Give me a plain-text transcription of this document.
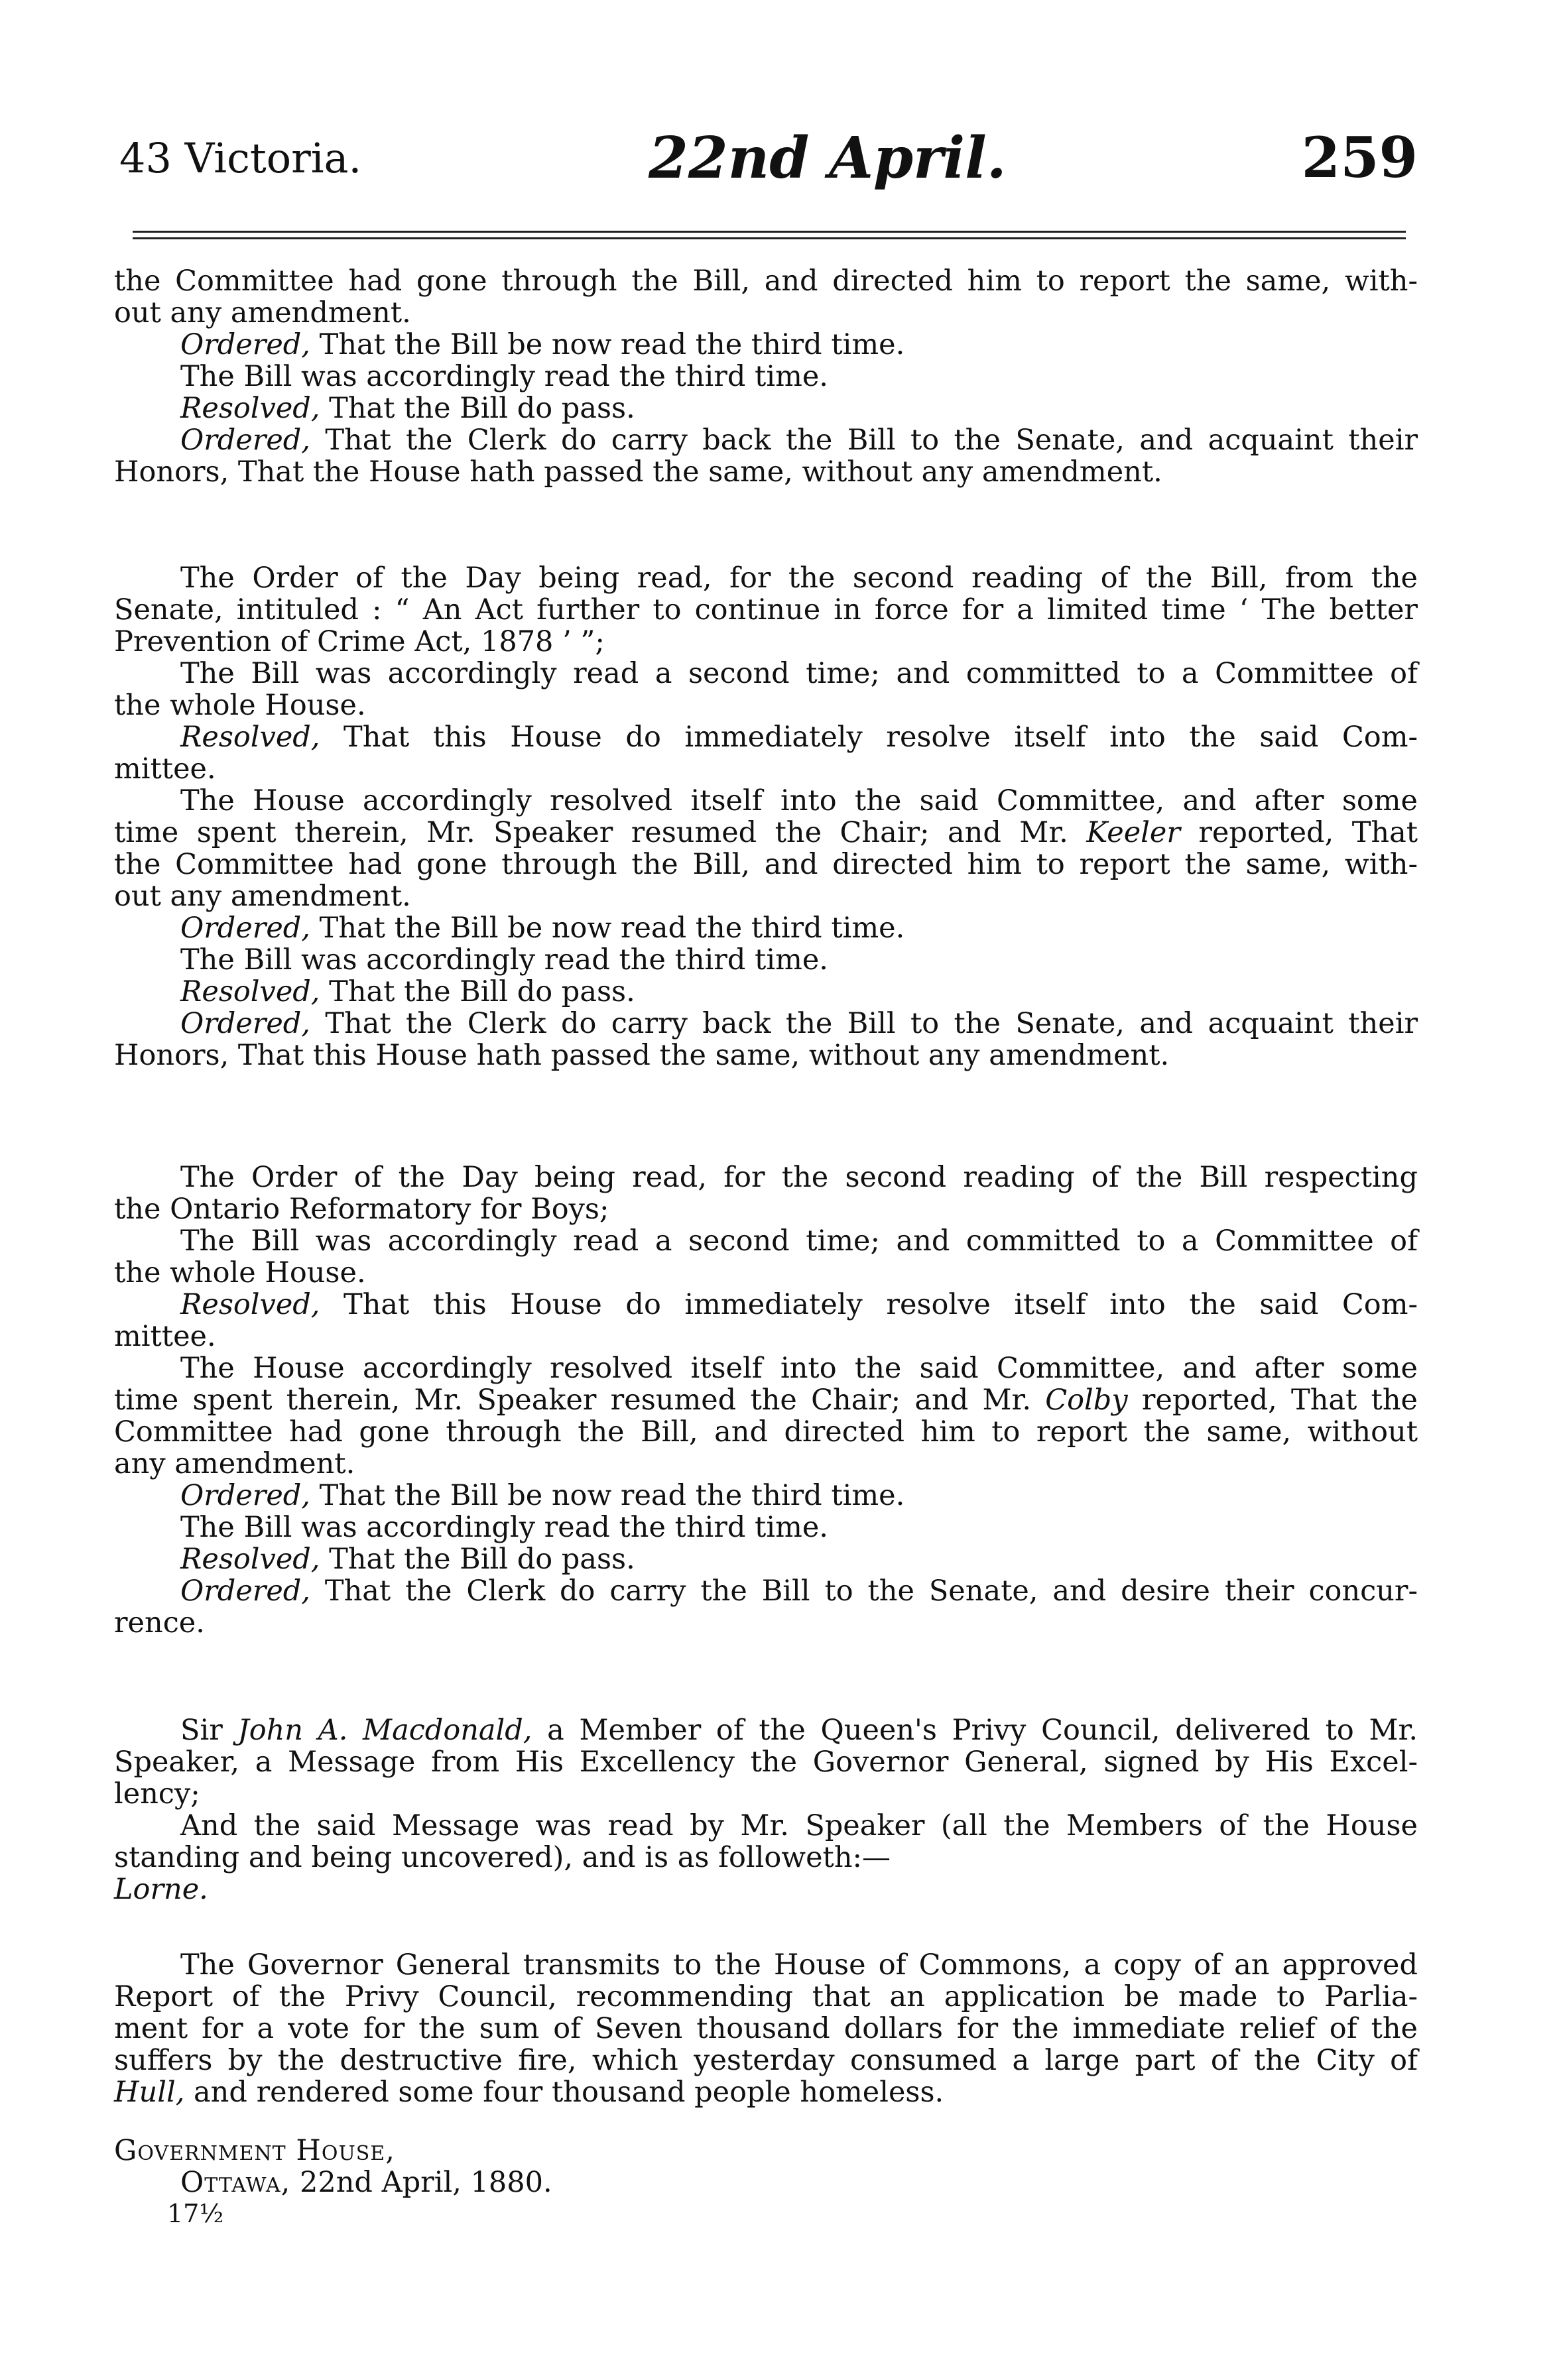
43 Victoria.	22nd April.	259
the Committee had gone through the Bill, and directed him to report the same, with-
out any amendment.
Ordered, That the Bill be now read the third time.
The Bill was accordingly read the third time.
Resolved, That the Bill do pass.
Ordered, That the Clerk do carry back the Bill to the Senate, and acquaint their
Honors, That the House hath passed the same, without any amendment.
The Order of the Day being read, for the second reading of the Bill, from the
Senate, intituled : “ An Act further to continue in force for a limited time ‘ The better
Prevention of Crime Act, 1878 ’ ”;
The Bill was accordingly read a second time; and committed to a Committee of
the whole House.
Resolved, That this House do immediately resolve itself into the said Com-
mittee.
The House accordingly resolved itself into the said Committee, and after some
time spent therein, Mr. Speaker resumed the Chair; and Mr. Keeler reported, That
the Committee had gone through the Bill, and directed him to report the same, with-
out any amendment.
Ordered, That the Bill be now read the third time.
The Bill was accordingly read the third time.
Resolved, That the Bill do pass.
Ordered, That the Clerk do carry back the Bill to the Senate, and acquaint their
Honors, That this House hath passed the same, without any amendment.
The Order of the Day being read, for the second reading of the Bill respecting
the Ontario Reformatory for Boys;
The Bill was accordingly read a second time; and committed to a Committee of
the whole House.
Resolved, That this House do immediately resolve itself into the said Com-
mittee.
The House accordingly resolved itself into the said Committee, and after some
time spent therein, Mr. Speaker resumed the Chair; and Mr. Colby reported, That the
Committee had gone through the Bill, and directed him to report the same, without
any amendment.
Ordered, That the Bill be now read the third time.
The Bill was accordingly read the third time.
Resolved, That the Bill do pass.
Ordered, That the Clerk do carry the Bill to the Senate, and desire their concur-
rence.
Sir John A. Macdonald, a Member of the Queen's Privy Council, delivered to Mr.
Speaker, a Message from His Excellency the Governor General, signed by His Excel-
lency;
And the said Message was read by Mr. Speaker (all the Members of the House
standing and being uncovered), and is as followeth:—
Lorne.
The Governor General transmits to the House of Commons, a copy of an approved
Report of the Privy Council, recommending that an application be made to Parlia-
ment for a vote for the sum of Seven thousand dollars for the immediate relief of the
suffers by the destructive fire, which yesterday consumed a large part of the City of
Hull, and rendered some four thousand people homeless.
Government House,
Ottawa, 22nd April, 1880.
17½
